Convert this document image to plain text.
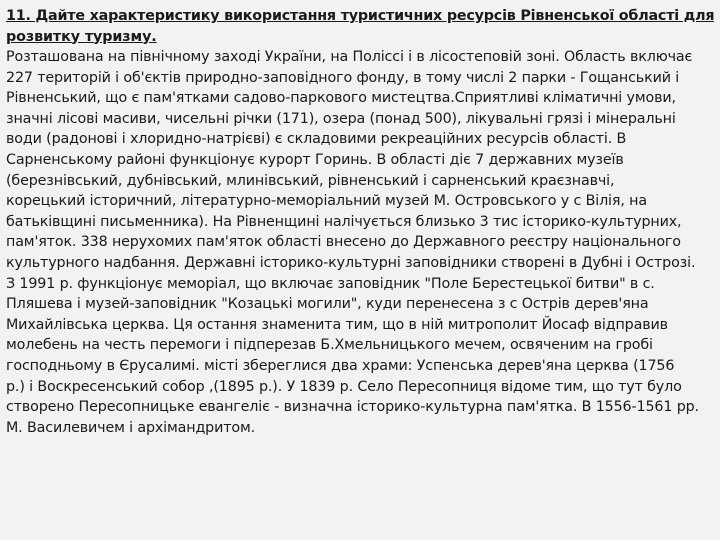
11. Дайте характеристику використання туристичних ресурсів Рівненської області для
розвитку туризму.
Розташована на північному заході України, на Поліссі і в лісостеповій зоні. Область включає
227 територій і об'єктів природно-заповідного фонду, в тому числі 2 парки - Гощанський і
Рівненський, що є пам'ятками садово-паркового мистецтва.Сприятливі кліматичні умови,
значні лісові масиви, чисельні річки (171), озера (понад 500), лікувальні грязі і мінеральні
води (радонові і хлоридно-натрієві) є складовими рекреаційних ресурсів області. В
Сарненському районі функціонує курорт Горинь. В області діє 7 державних музеїв
(березнівський, дубнівський, млинівський, рівненський і сарненський краєзнавчі,
корецький історичний, літературно-меморіальний музей М. Островського у с Вілія, на
батьківщині письменника). На Рівненщині налічується близько 3 тис історико-культурних,
пам'яток. 338 нерухомих пам'яток області внесено до Державного реєстру національного
культурного надбання. Державні історико-культурні заповідники створені в Дубні і Острозі.
З 1991 р. функціонує меморіал, що включає заповідник "Поле Берестецької битви" в с.
Пляшева і музей-заповідник "Козацькі могили", куди перенесена з с Острів дерев'яна
Михайлівська церква. Ця остання знаменита тим, що в ній митрополит Йосаф відправив
молебень на честь перемоги і підперезав Б.Хмельницького мечем, освяченим на гробі
господньому в Єрусалимі. місті збереглися два храми: Успенська дерев'яна церква (1756
р.) і Воскресенський собор ,(1895 р.). У 1839 р. Село Пересопниця відоме тим, що тут було
створено Пересопницьке евангеліє - визначна історико-культурна пам'ятка. В 1556-1561 рр.
М. Василевичем і архімандритом.
